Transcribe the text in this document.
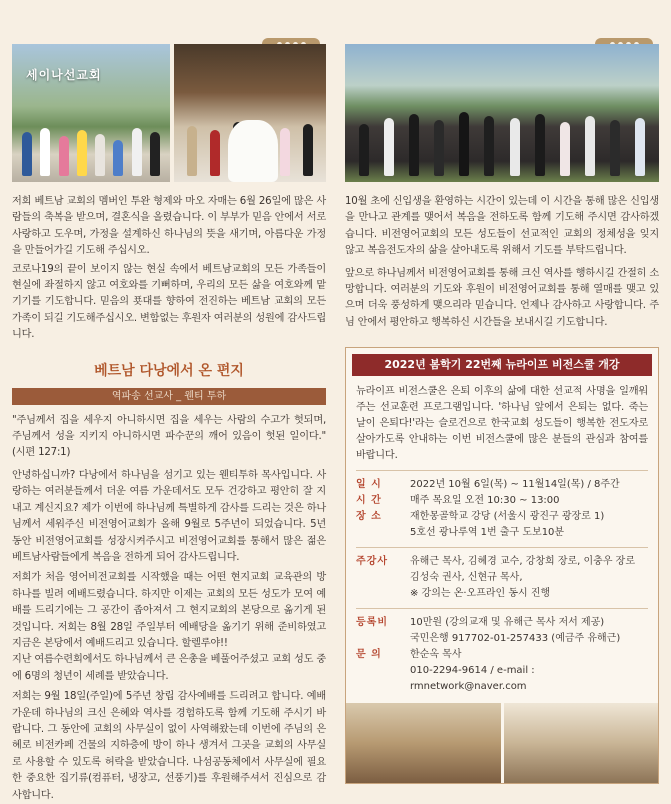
세이나선교회

저희 베트남 교회의 멤버인 투완 형제와 마오 자매는 6월 26일에 많은 사람들의 축복을 받으며, 결혼식을 올렸습니다. 이 부부가 믿음 안에서 서로 사랑하고 도우며, 가정을 설계하신 하나님의 뜻을 새기며, 아름다운 가정을 만들어가길 기도해 주십시오.

코로나19의 끝이 보이지 않는 현실 속에서 베트남교회의 모든 가족들이 현실에 좌절하지 않고 여호와를 기뻐하며, 우리의 모든 삶을 여호와께 맡기기를 기도합니다. 믿음의 푯대를 향하여 전진하는 베트남 교회의 모든 가족이 되길 기도해주십시오. 변함없는 후원자 여러분의 성원에 감사드립니다.

베트남 다낭에서 온 편지
역파송 선교사 _ 웬티 투하

"주님께서 집을 세우지 아니하시면 집을 세우는 사람의 수고가 헛되며, 주님께서 성을 지키지 아니하시면 파수꾼의 깨어 있음이 헛된 일이다."(시편 127:1)

안녕하십니까? 다낭에서 하나님을 섬기고 있는 웬티투하 목사입니다. 사랑하는 여러분들께서 더운 여름 가운데서도 모두 건강하고 평안히 잘 지내고 계신지요? 제가 이번에 하나님께 특별하게 감사를 드리는 것은 하나님께서 세워주신 비전영어교회가 올해 9월로 5주년이 되었습니다. 5년 동안 비전영어교회를 성장시켜주시고 비전영어교회를 통해서 많은 젊은 베트남사람들에게 복음을 전하게 되어 감사드립니다.

저희가 처음 영어비전교회를 시작했을 때는 어떤 현지교회 교육관의 방 하나를 빌려 예배드렸습니다. 하지만 이제는 교회의 모든 성도가 모여 예배를 드리기에는 그 공간이 좁아져서 그 현지교회의 본당으로 옮기게 된 것입니다. 저희는 8월 28일 주일부터 예배당을 옮기기 위해 준비하였고 지금은 본당에서 예배드리고 있습니다. 할렐루야!!

지난 여름수련회에서도 하나님께서 큰 은총을 베풀어주셨고 교회 성도 중에 6명의 청년이 세례를 받았습니다.

저희는 9월 18일(주일)에 5주년 창립 감사예배를 드리려고 합니다. 예배 가운데 하나님의 크신 은혜와 역사를 경험하도록 함께 기도해 주시기 바랍니다. 그 동안에 교회의 사무실이 없이 사역해왔는데 이번에 주님의 은혜로 비전카페 건물의 지하층에 방이 하나 생겨서 그곳을 교회의 사무실로 사용할 수 있도록 허락을 받았습니다. 나섬공동체에서 사무실에 필요한 중요한 집기류(컴퓨터, 냉장고, 선풍기)를 후원해주셔서 진심으로 감사합니다.

10월 초에 신입생을 환영하는 시간이 있는데 이 시간을 통해 많은 신입생을 만나고 관계를 맺어서 복음을 전하도록 함께 기도해 주시면 감사하겠습니다. 비전영어교회의 모든 성도들이 선교적인 교회의 정체성을 잊지 않고 복음전도자의 삶을 살아내도록 위해서 기도를 부탁드립니다.

앞으로 하나님께서 비전영어교회를 통해 크신 역사를 행하시길 간절히 소망합니다. 여러분의 기도와 후원이 비전영어교회를 통해 열매를 맺고 있으며 더욱 풍성하게 맺으리라 믿습니다. 언제나 감사하고 사랑합니다. 주님 안에서 평안하고 행복하신 시간들을 보내시길 기도합니다.

2022년 봄학기 22번째 뉴라이프 비전스쿨 개강

뉴라이프 비전스쿨은 은퇴 이후의 삶에 대한 선교적 사명을 일깨워주는 선교훈련 프로그램입니다. '하나님 앞에서 은퇴는 없다. 죽는 날이 은퇴다!'라는 슬로건으로 한국교회 성도들이 행복한 전도자로 살아가도록 안내하는 이번 비전스쿨에 많은 분들의 관심과 참여를 바랍니다.

일 시	2022년 10월 6일(목) ~ 11월14일(목) / 8주간
시 간	매주 목요일 오전 10:30 ~ 13:00
장 소	재한몽골학교 강당 (서울시 광진구 광장로 1)
5호선 광나루역 1번 출구 도보10분
주강사	유해근 목사, 김혜경 교수, 강창희 장로, 이충우 장로
김성숙 권사, 신현규 목사,
※ 강의는 온·오프라인 동시 진행
등록비	10만원 (강의교재 및 유해근 목사 저서 제공)
국민은행 917702-01-257433 (예금주 유해근)
문 의	한순옥 목사
010-2294-9614 / e-mail : rmnetwork@naver.com
